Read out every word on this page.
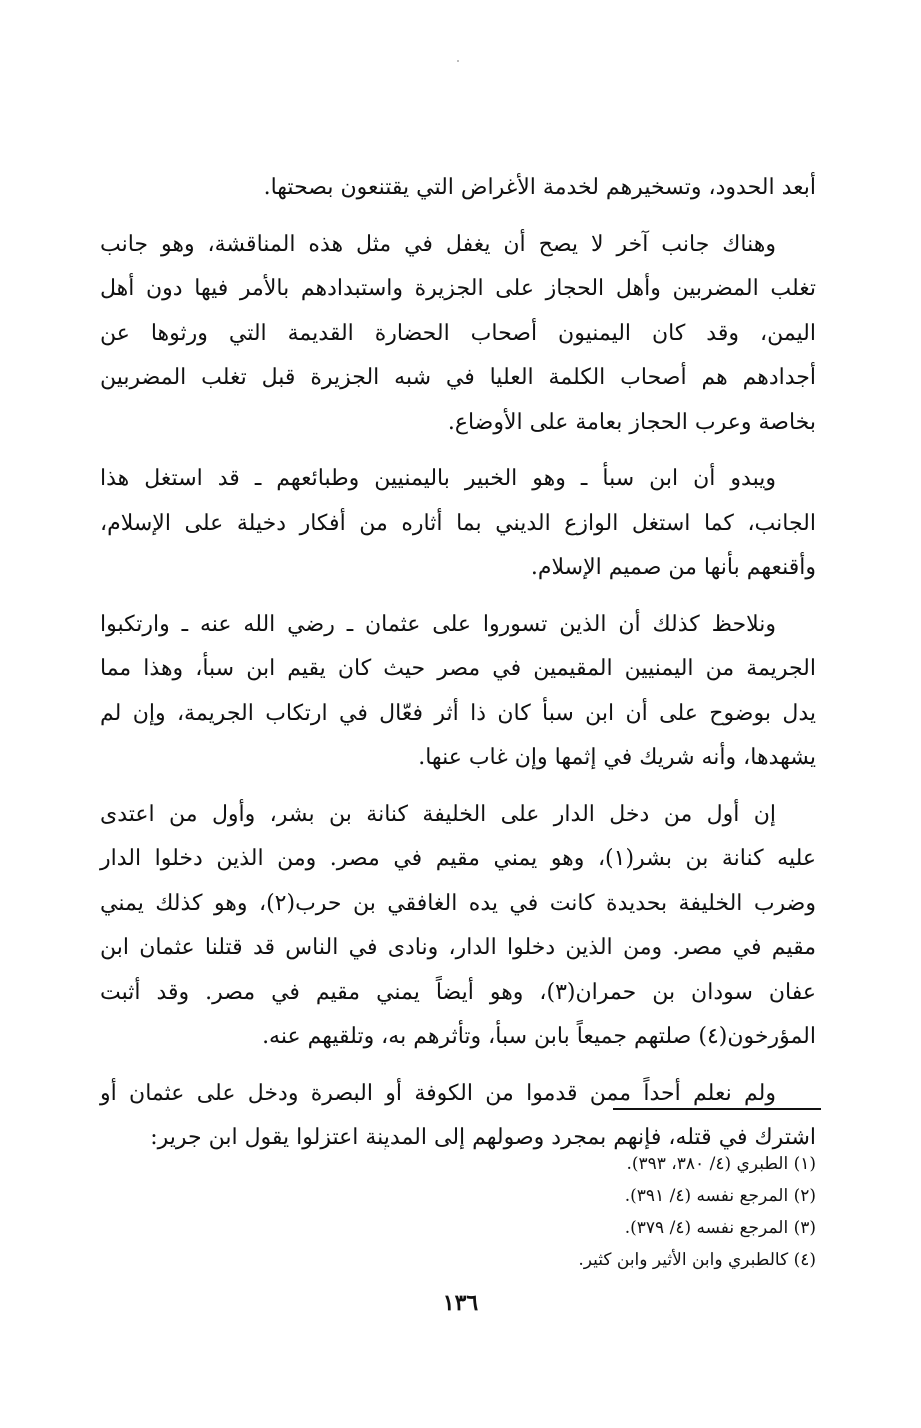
أبعد الحدود، وتسخيرهم لخدمة الأغراض التي يقتنعون بصحتها.

وهناك جانب آخر لا يصح أن يغفل في مثل هذه المناقشة، وهو جانب
تغلب المضربين وأهل الحجاز على الجزيرة واستبدادهم بالأمر فيها دون أهل
اليمن، وقد كان اليمنيون أصحاب الحضارة القديمة التي ورثوها عن
أجدادهم هم أصحاب الكلمة العليا في شبه الجزيرة قبل تغلب المضربين
بخاصة وعرب الحجاز بعامة على الأوضاع.

ويبدو أن ابن سبأ ـ وهو الخبير باليمنيين وطبائعهم ـ قد استغل هذا
الجانب، كما استغل الوازع الديني بما أثاره من أفكار دخيلة على الإسلام،
وأقنعهم بأنها من صميم الإسلام.

ونلاحظ كذلك أن الذين تسوروا على عثمان ـ رضي الله عنه ـ وارتكبوا
الجريمة من اليمنيين المقيمين في مصر حيث كان يقيم ابن سبأ، وهذا مما
يدل بوضوح على أن ابن سبأ كان ذا أثر فعّال في ارتكاب الجريمة، وإن لم
يشهدها، وأنه شريك في إثمها وإن غاب عنها.

إن أول من دخل الدار على الخليفة كنانة بن بشر، وأول من اعتدى
عليه كنانة بن بشر(١)، وهو يمني مقيم في مصر. ومن الذين دخلوا الدار
وضرب الخليفة بحديدة كانت في يده الغافقي بن حرب(٢)، وهو كذلك يمني
مقيم في مصر. ومن الذين دخلوا الدار، ونادى في الناس قد قتلنا عثمان ابن
عفان سودان بن حمران(٣)، وهو أيضاً يمني مقيم في مصر. وقد أثبت
المؤرخون(٤) صلتهم جميعاً بابن سبأ، وتأثرهم به، وتلقيهم عنه.

ولم نعلم أحداً ممن قدموا من الكوفة أو البصرة ودخل على عثمان أو
اشترك في قتله، فإنهم بمجرد وصولهم إلى المدينة اعتزلوا يقول ابن جرير:

(١) الطبري (٤/ ٣٨٠، ٣٩٣).
(٢) المرجع نفسه (٤/ ٣٩١).
(٣) المرجع نفسه (٤/ ٣٧٩).
(٤) كالطبري وابن الأثير وابن كثير.
١٣٦
